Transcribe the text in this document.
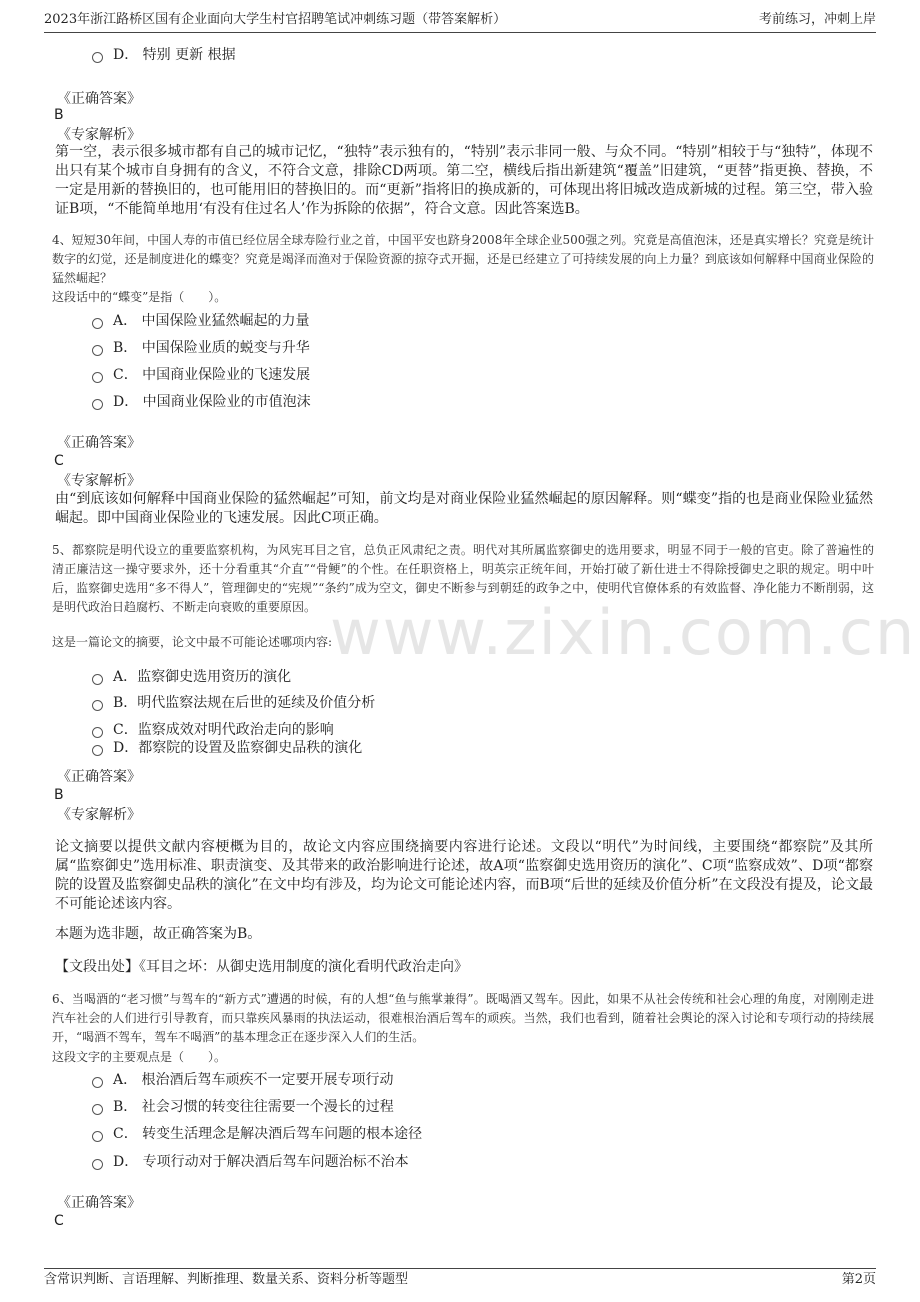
2023年浙江路桥区国有企业面向大学生村官招聘笔试冲刺练习题（带答案解析）	考前练习，冲刺上岸
www.zixin.com.cn
D． 特别 更新 根据
《正确答案》
B
《专家解析》
第一空，表示很多城市都有自己的城市记忆，“独特”表示独有的，“特别”表示非同一般、与众不同。“特别”相较于与“独特”，体现不出只有某个城市自身拥有的含义，不符合文意，排除CD两项。第二空，横线后指出新建筑“覆盖”旧建筑，“更替”指更换、替换，不一定是用新的替换旧的，也可能用旧的替换旧的。而“更新”指将旧的换成新的，可体现出将旧城改造成新城的过程。第三空，带入验证B项，“不能简单地用‘有没有住过名人’作为拆除的依据”，符合文意。因此答案选B。
4、短短30年间，中国人寿的市值已经位居全球寿险行业之首，中国平安也跻身2008年全球企业500强之列。究竟是高值泡沫，还是真实增长？究竟是统计数字的幻觉，还是制度进化的蝶变？究竟是竭泽而渔对于保险资源的掠夺式开掘，还是已经建立了可持续发展的向上力量？到底该如何解释中国商业保险的猛然崛起？
这段话中的“蝶变”是指（　　）。
A． 中国保险业猛然崛起的力量
B． 中国保险业质的蜕变与升华
C． 中国商业保险业的飞速发展
D． 中国商业保险业的市值泡沫
《正确答案》
C
《专家解析》
由“到底该如何解释中国商业保险的猛然崛起”可知，前文均是对商业保险业猛然崛起的原因解释。则“蝶变”指的也是商业保险业猛然崛起。即中国商业保险业的飞速发展。因此C项正确。
5、都察院是明代设立的重要监察机构，为风宪耳目之官，总负正风肃纪之责。明代对其所属监察御史的选用要求，明显不同于一般的官吏。除了普遍性的清正廉洁这一操守要求外，还十分看重其“介直”“骨鲠”的个性。在任职资格上，明英宗正统年间，开始打破了新仕进士不得除授御史之职的规定。明中叶后，监察御史选用“多不得人”，管理御史的“宪规”“条约”成为空文，御史不断参与到朝廷的政争之中，使明代官僚体系的有效监督、净化能力不断削弱，这是明代政治日趋腐朽、不断走向衰败的重要原因。
这是一篇论文的摘要，论文中最不可能论述哪项内容:
A．监察御史选用资历的演化
B．明代监察法规在后世的延续及价值分析
C．监察成效对明代政治走向的影响
D．都察院的设置及监察御史品秩的演化
《正确答案》
B
《专家解析》
论文摘要以提供文献内容梗概为目的，故论文内容应围绕摘要内容进行论述。文段以“明代”为时间线，主要围绕“都察院”及其所属“监察御史”选用标准、职责演变、及其带来的政治影响进行论述，故A项“监察御史选用资历的演化”、C项“监察成效”、D项“都察院的设置及监察御史品秩的演化”在文中均有涉及，均为论文可能论述内容，而B项“后世的延续及价值分析”在文段没有提及，论文最不可能论述该内容。
本题为选非题，故正确答案为B。
【文段出处】《耳目之坏：从御史选用制度的演化看明代政治走向》
6、当喝酒的“老习惯”与驾车的“新方式”遭遇的时候，有的人想“鱼与熊掌兼得”。既喝酒又驾车。因此，如果不从社会传统和社会心理的角度，对刚刚走进汽车社会的人们进行引导教育，而只靠疾风暴雨的执法运动，很难根治酒后驾车的顽疾。当然，我们也看到，随着社会舆论的深入讨论和专项行动的持续展开，“喝酒不驾车，驾车不喝酒”的基本理念正在逐步深入人们的生活。
这段文字的主要观点是（　　）。
A． 根治酒后驾车顽疾不一定要开展专项行动
B． 社会习惯的转变往往需要一个漫长的过程
C． 转变生活理念是解决酒后驾车问题的根本途径
D． 专项行动对于解决酒后驾车问题治标不治本
《正确答案》
C
含常识判断、言语理解、判断推理、数量关系、资料分析等题型	第2页
